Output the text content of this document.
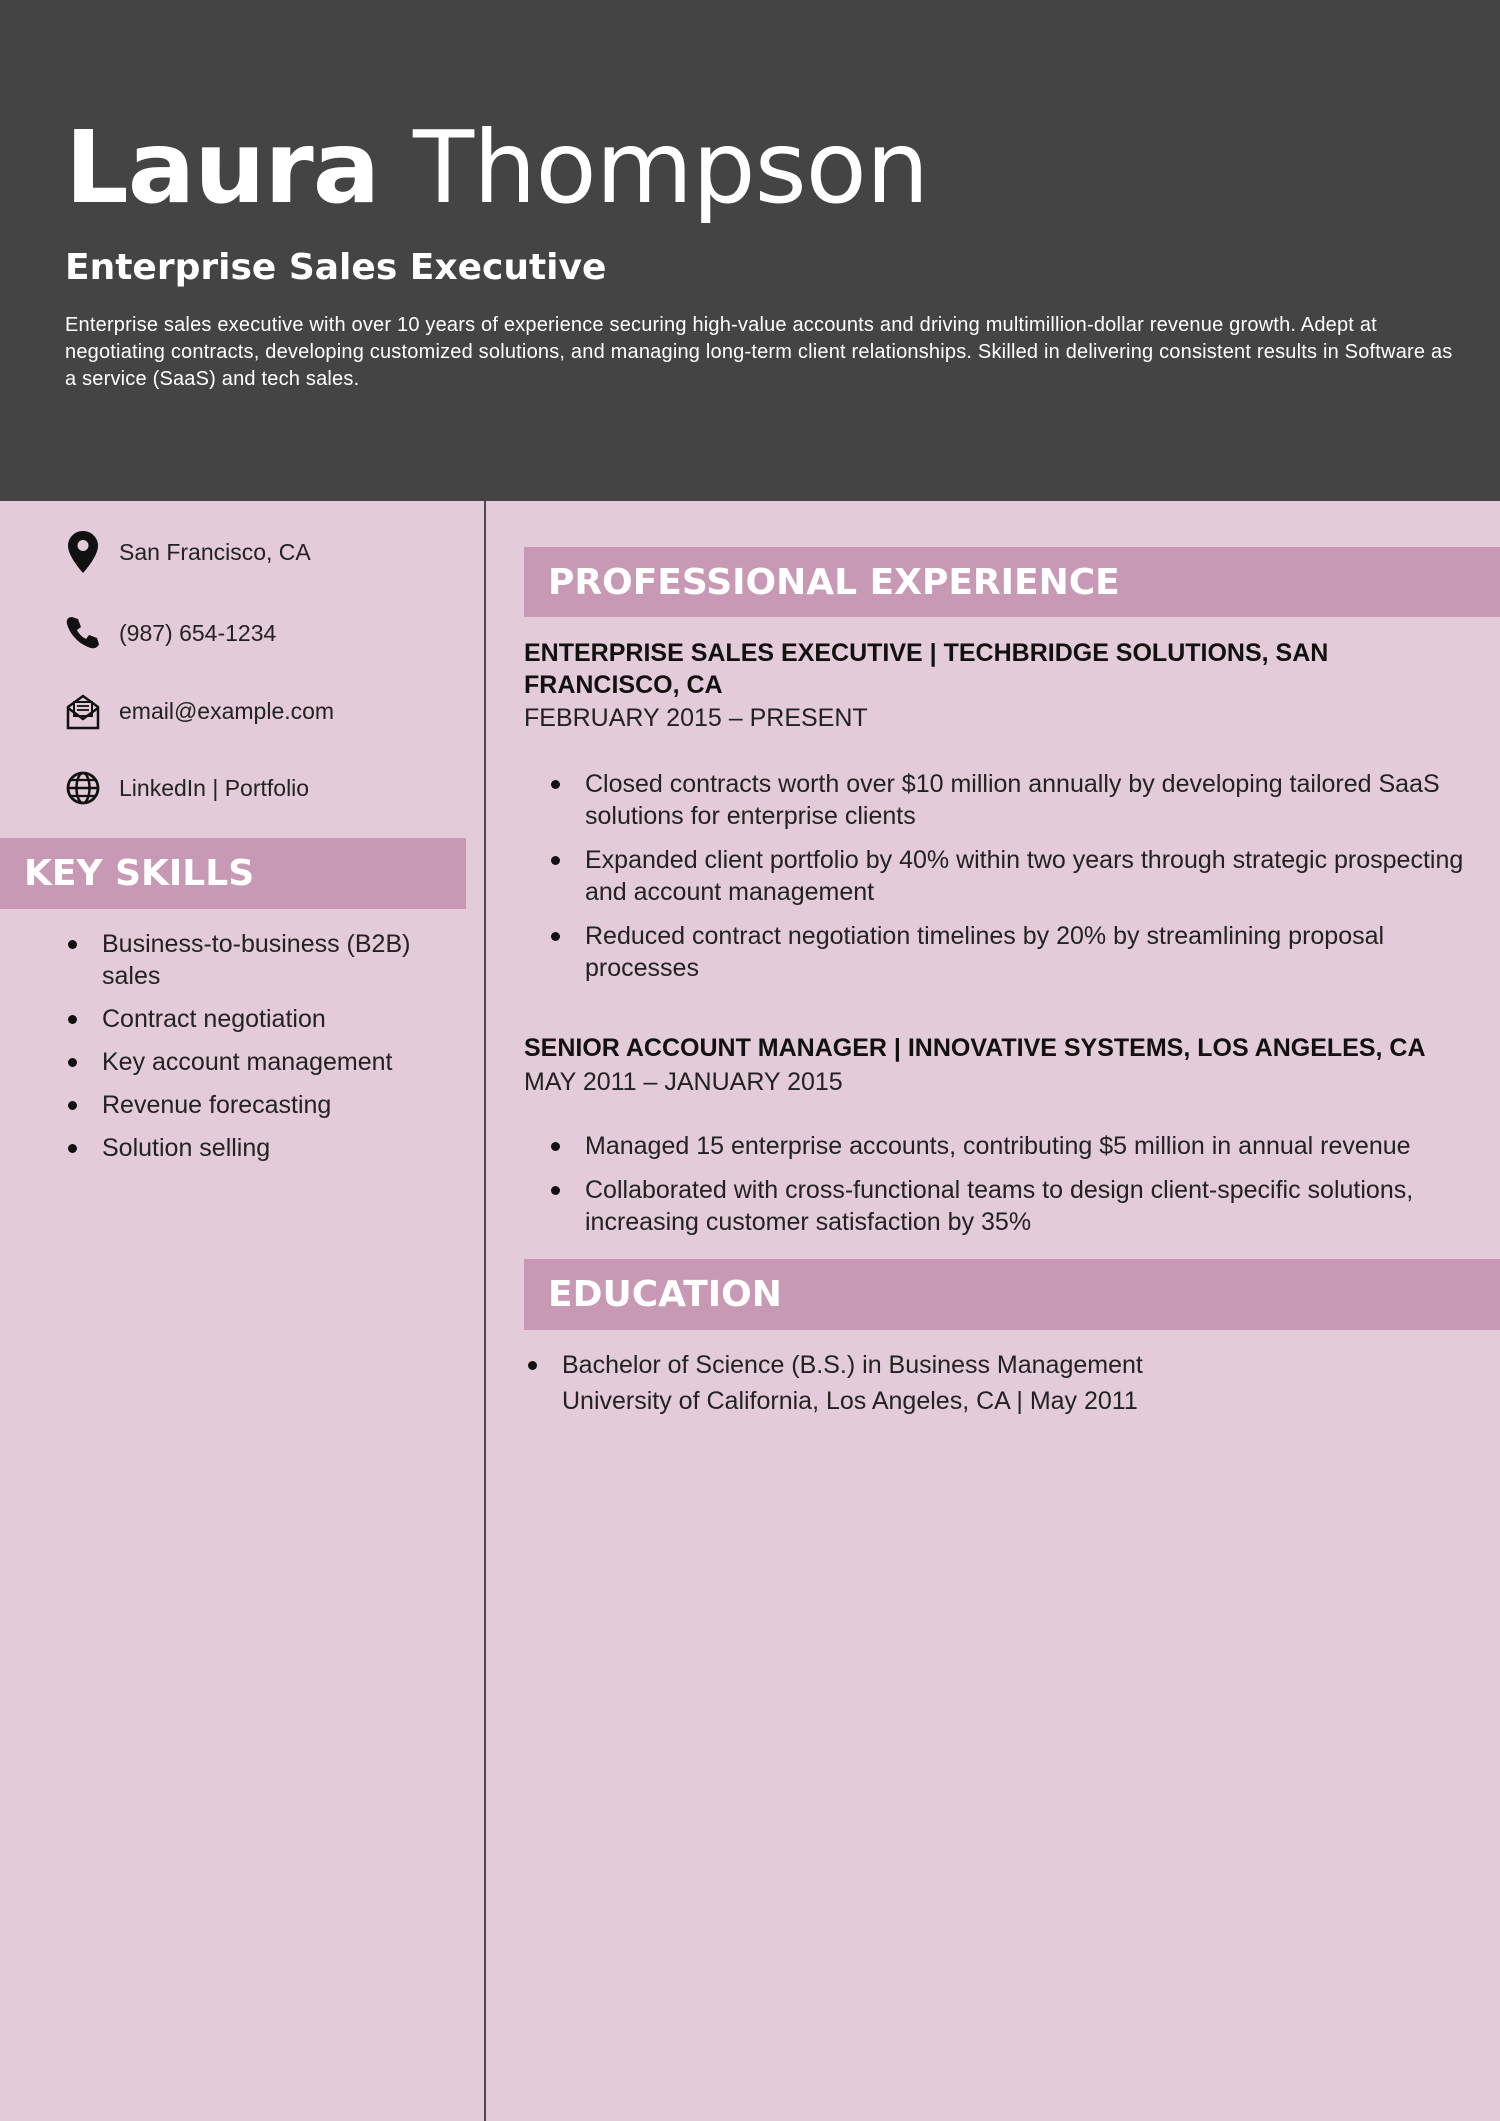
Laura Thompson
Enterprise Sales Executive

Enterprise sales executive with over 10 years of experience securing high-value accounts and driving multimillion-dollar revenue growth. Adept at negotiating contracts, developing customized solutions, and managing long-term client relationships. Skilled in delivering consistent results in Software as a service (SaaS) and tech sales.

San Francisco, CA
(987) 654-1234
email@example.com
LinkedIn | Portfolio
KEY SKILLS
Business-to-business (B2B) sales
Contract negotiation
Key account management
Revenue forecasting
Solution selling
PROFESSIONAL EXPERIENCE

ENTERPRISE SALES EXECUTIVE | TECHBRIDGE SOLUTIONS, SAN FRANCISCO, CA

FEBRUARY 2015 – PRESENT

Closed contracts worth over $10 million annually by developing tailored SaaS solutions for enterprise clients
Expanded client portfolio by 40% within two years through strategic prospecting and account management
Reduced contract negotiation timelines by 20% by streamlining proposal processes

SENIOR ACCOUNT MANAGER | INNOVATIVE SYSTEMS, LOS ANGELES, CA

MAY 2011 – JANUARY 2015

Managed 15 enterprise accounts, contributing $5 million in annual revenue
Collaborated with cross-functional teams to design client-specific solutions, increasing customer satisfaction by 35%
EDUCATION
Bachelor of Science (B.S.) in Business Management
University of California, Los Angeles, CA | May 2011
